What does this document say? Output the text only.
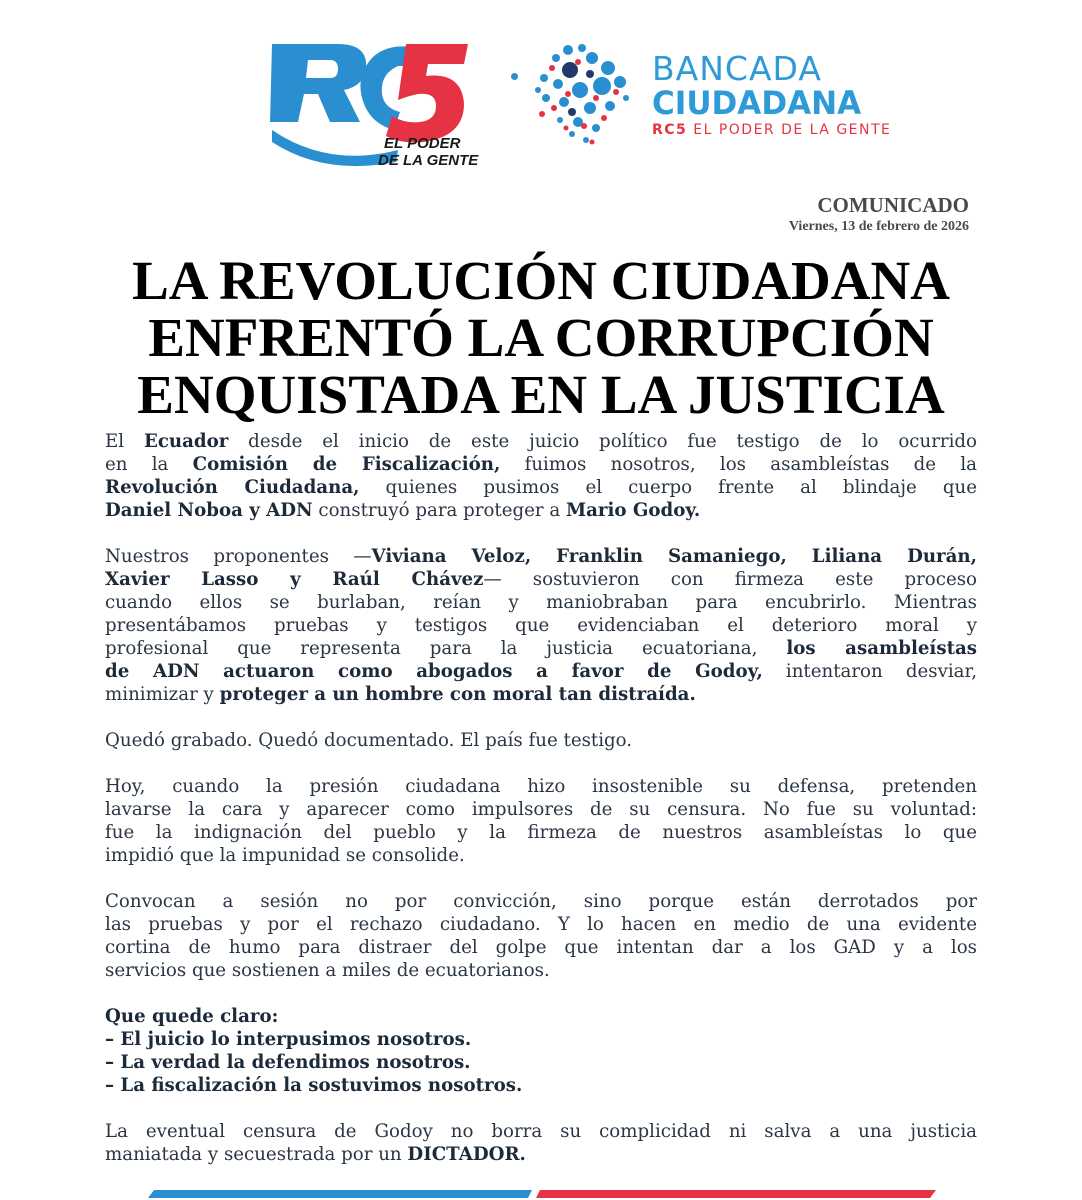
EL PODER
DE LA GENTE
BANCADA
CIUDADANA
RC5 EL PODER DE LA GENTE
COMUNICADO
Viernes, 13 de febrero de 2026
LA REVOLUCIÓN CIUDADANA
ENFRENTÓ LA CORRUPCIÓN
ENQUISTADA EN LA JUSTICIA

El Ecuador desde el inicio de este juicio político fue testigo de lo ocurrido
en la Comisión de Fiscalización, fuimos nosotros, los asambleístas de la
Revolución Ciudadana, quienes pusimos el cuerpo frente al blindaje que
Daniel Noboa y ADN construyó para proteger a Mario Godoy.

Nuestros proponentes —Viviana Veloz, Franklin Samaniego, Liliana Durán,
Xavier Lasso y Raúl Chávez— sostuvieron con firmeza este proceso
cuando ellos se burlaban, reían y maniobraban para encubrirlo. Mientras
presentábamos pruebas y testigos que evidenciaban el deterioro moral y
profesional que representa para la justicia ecuatoriana, los asambleístas
de ADN actuaron como abogados a favor de Godoy, intentaron desviar,
minimizar y proteger a un hombre con moral tan distraída.

Quedó grabado. Quedó documentado. El país fue testigo.

Hoy, cuando la presión ciudadana hizo insostenible su defensa, pretenden
lavarse la cara y aparecer como impulsores de su censura. No fue su voluntad:
fue la indignación del pueblo y la firmeza de nuestros asambleístas lo que
impidió que la impunidad se consolide.

Convocan a sesión no por convicción, sino porque están derrotados por
las pruebas y por el rechazo ciudadano. Y lo hacen en medio de una evidente
cortina de humo para distraer del golpe que intentan dar a los GAD y a los
servicios que sostienen a miles de ecuatorianos.

Que quede claro:
– El juicio lo interpusimos nosotros.
– La verdad la defendimos nosotros.
– La fiscalización la sostuvimos nosotros.

La eventual censura de Godoy no borra su complicidad ni salva a una justicia
maniatada y secuestrada por un DICTADOR.
